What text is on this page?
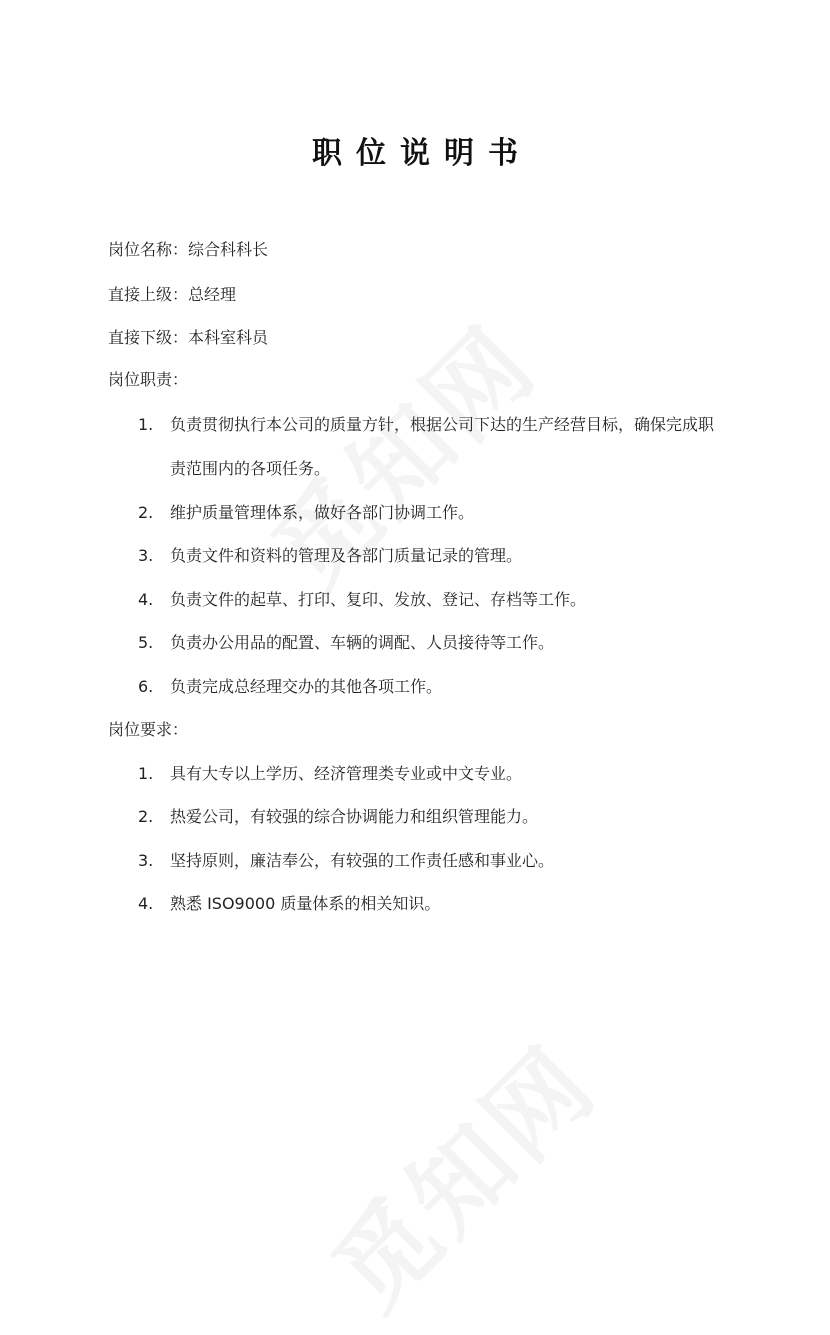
职位说明书
岗位名称：综合科科长
直接上级：总经理
直接下级：本科室科员
岗位职责：
1. 负责贯彻执行本公司的质量方针，根据公司下达的生产经营目标，确保完成职
责范围内的各项任务。
2. 维护质量管理体系，做好各部门协调工作。
3. 负责文件和资料的管理及各部门质量记录的管理。
4. 负责文件的起草、打印、复印、发放、登记、存档等工作。
5. 负责办公用品的配置、车辆的调配、人员接待等工作。
6. 负责完成总经理交办的其他各项工作。
岗位要求：
1. 具有大专以上学历、经济管理类专业或中文专业。
2. 热爱公司，有较强的综合协调能力和组织管理能力。
3. 坚持原则，廉洁奉公，有较强的工作责任感和事业心。
4. 熟悉 ISO9000 质量体系的相关知识。
